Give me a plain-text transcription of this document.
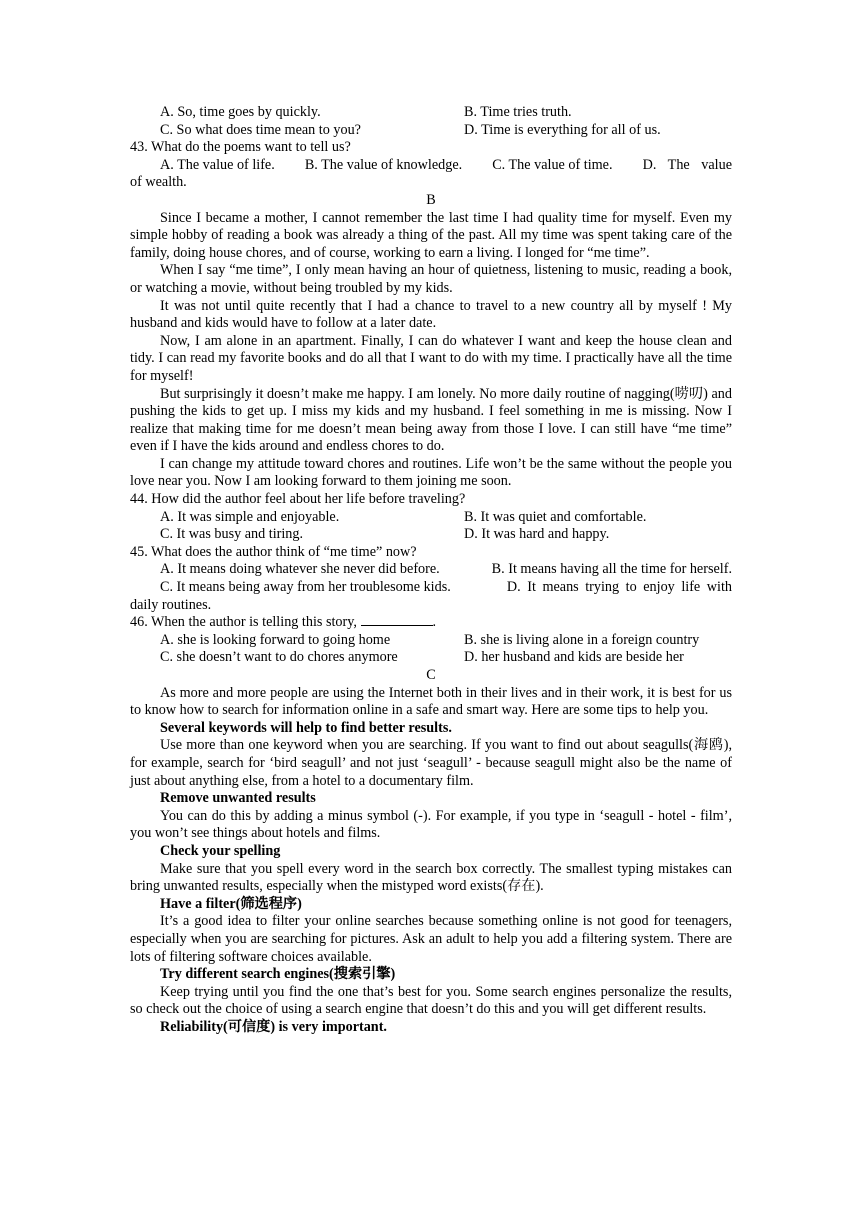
A. So, time goes by quickly.	B. Time tries truth.
C. So what does time mean to you?	D. Time is everything for all of us.

43. What do the poems want to tell us?

A. The value of life. B. The value of knowledge. C. The value of time. D. The value

of wealth.

B

Since I became a mother, I cannot remember the last time I had quality time for myself. Even my simple hobby of reading a book was already a thing of the past. All my time was spent taking care of the family, doing house chores, and of course, working to earn a living. I longed for “me time”.

When I say “me time”, I only mean having an hour of quietness, listening to music, reading a book, or watching a movie, without being troubled by my kids.

It was not until quite recently that I had a chance to travel to a new country all by myself ! My husband and kids would have to follow at a later date.

Now, I am alone in an apartment. Finally, I can do whatever I want and keep the house clean and tidy. I can read my favorite books and do all that I want to do with my time. I practically have all the time for myself!

But surprisingly it doesn’t make me happy. I am lonely. No more daily routine of nagging(唠叨) and pushing the kids to get up. I miss my kids and my husband. I feel something in me is missing. Now I realize that making time for me doesn’t mean being away from those I love. I can still have “me time” even if I have the kids around and endless chores to do.

I can change my attitude toward chores and routines. Life won’t be the same without the people you love near you. Now I am looking forward to them joining me soon.

44. How did the author feel about her life before traveling?

A. It was simple and enjoyable.	B. It was quiet and comfortable.
C. It was busy and tiring.	D. It was hard and happy.

45. What does the author think of “me time” now?

A. It means doing whatever she never did before.	B. It means having all the time for herself.
C. It means being away from her troublesome kids.	D. It means trying to enjoy life with

daily routines.

46. When the author is telling this story,	.

A. she is looking forward to going home	B. she is living alone in a foreign country
C. she doesn’t want to do chores anymore	D. her husband and kids are beside her

C

As more and more people are using the Internet both in their lives and in their work, it is best for us to know how to search for information online in a safe and smart way. Here are some tips to help you.

Several keywords will help to find better results.

Use more than one keyword when you are searching. If you want to find out about seagulls(海鸥), for example, search for ‘bird seagull’ and not just ‘seagull’ - because seagull might also be the name of just about anything else, from a hotel to a documentary film.

Remove unwanted results

You can do this by adding a minus symbol (-). For example, if you type in ‘seagull - hotel - film’, you won’t see things about hotels and films.

Check your spelling

Make sure that you spell every word in the search box correctly. The smallest typing mistakes can bring unwanted results, especially when the mistyped word exists(存在).

Have a filter(筛选程序)

It’s a good idea to filter your online searches because something online is not good for teenagers, especially when you are searching for pictures. Ask an adult to help you add a filtering system. There are lots of filtering software choices available.

Try different search engines(搜索引擎)

Keep trying until you find the one that’s best for you. Some search engines personalize the results, so check out the choice of using a search engine that doesn’t do this and you will get different results.

Reliability(可信度) is very important.
